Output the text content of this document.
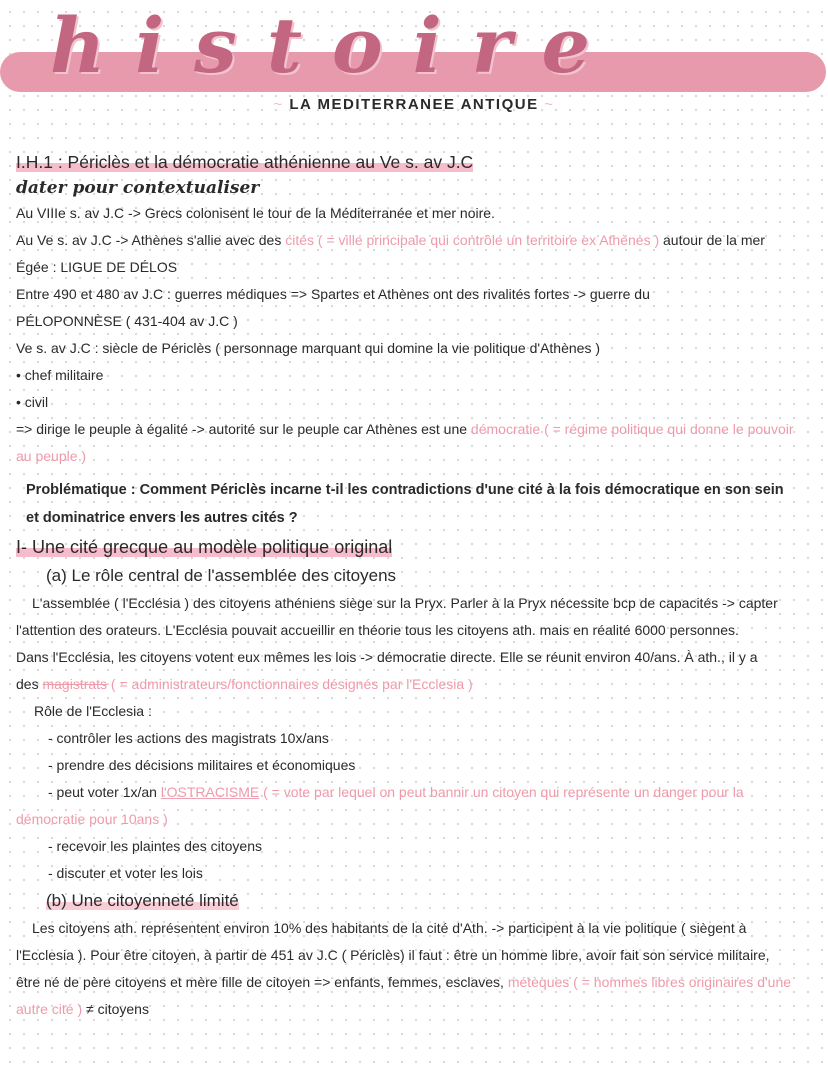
histoire
~ LA MEDITERRANEE ANTIQUE ~
I.H.1 : Périclès et la démocratie athénienne au Ve s. av J.C
dater pour contextualiser
Au VIIIe s. av J.C -> Grecs colonisent le tour de la Méditerranée et mer noire.
Au Ve s. av J.C -> Athènes s'allie avec des cités ( = ville principale qui contrôle un territoire ex Athènes ) autour de la mer
Égée : LIGUE DE DÉLOS
Entre 490 et 480 av J.C : guerres médiques => Spartes et Athènes ont des rivalités fortes -> guerre du
PÉLOPONNÈSE ( 431-404 av J.C )
Ve s. av J.C : siècle de Périclès ( personnage marquant qui domine la vie politique d'Athènes )
• chef militaire
• civil
=> dirige le peuple à égalité -> autorité sur le peuple car Athènes est une démocratie ( = régime politique qui donne le pouvoir
au peuple )
Problématique : Comment Périclès incarne t-il les contradictions d'une cité à la fois démocratique en son sein
et dominatrice envers les autres cités ?
I- Une cité grecque au modèle politique original
(a) Le rôle central de l'assemblée des citoyens
L'assemblée ( l'Ecclésia ) des citoyens athéniens siège sur la Pryx. Parler à la Pryx nécessite bcp de capacités -> capter
l'attention des orateurs. L'Ecclésia pouvait accueillir en théorie tous les citoyens ath. mais en réalité 6000 personnes.
Dans l'Ecclésia, les citoyens votent eux mêmes les lois -> démocratie directe. Elle se réunit environ 40/ans. À ath., il y a
des magistrats ( = administrateurs/fonctionnaires désignés par l'Ecclesia )
Rôle de l'Ecclesia :
- contrôler les actions des magistrats 10x/ans
- prendre des décisions militaires et économiques
- peut voter 1x/an l'OSTRACISME ( = vote par lequel on peut bannir un citoyen qui représente un danger pour la
démocratie pour 10ans )
- recevoir les plaintes des citoyens
- discuter et voter les lois
(b) Une citoyenneté limité
Les citoyens ath. représentent environ 10% des habitants de la cité d'Ath. -> participent à la vie politique ( siègent à
l'Ecclesia ). Pour être citoyen, à partir de 451 av J.C ( Périclès) il faut : être un homme libre, avoir fait son service militaire,
être né de père citoyens et mère fille de citoyen => enfants, femmes, esclaves, métèques ( = hommes libres originaires d'une
autre cité ) ≠ citoyens
